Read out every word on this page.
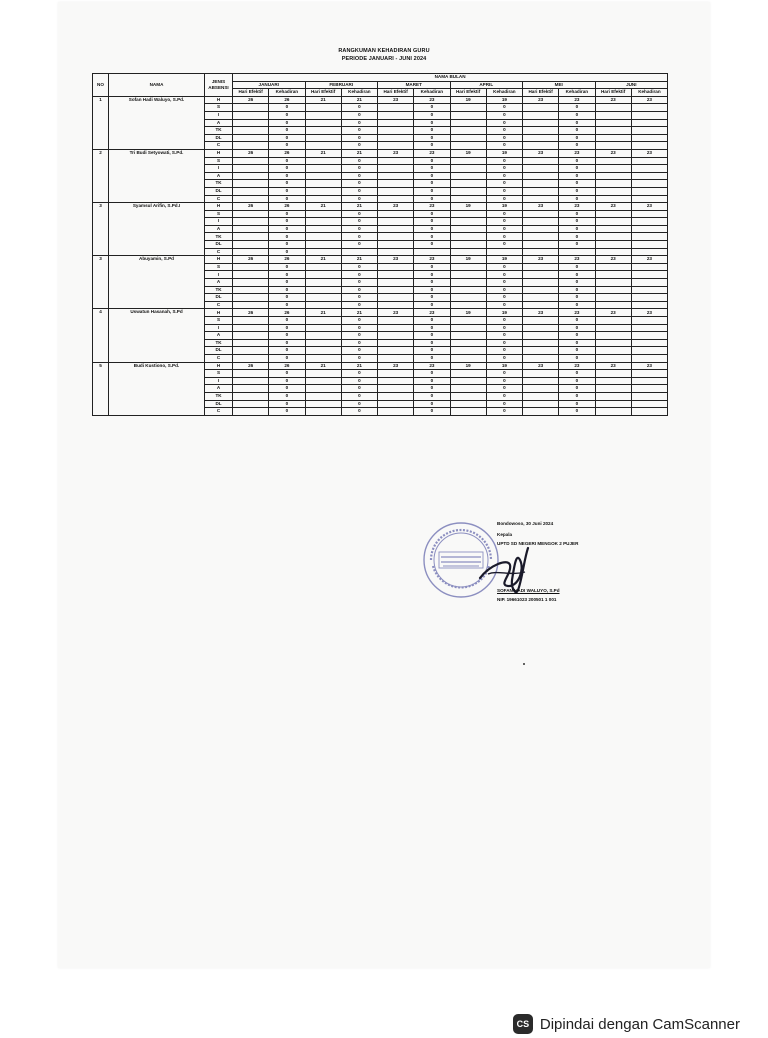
RANGKUMAN KEHADIRAN GURU
PERIODE JANUARI - JUNI 2024
NO	NAMA	JENIS ABSENSI	NAMA BULAN											
			JANUARI		FEBRUARI		MARET		APRIL		MEI		JUNI	
			Hari Efektif	Kehadiran	Hari Efektif	Kehadiran	Hari Efektif	Kehadiran	Hari Efektif	Kehadiran	Hari Efektif	Kehadiran	Hari Efektif	Kehadiran
1	Sofan Hadi Waluyo, S.Pd.	H	26	26	21	21	23	23	19	19	23	23	23	23
		S		0		0		0		0		0		
		I		0		0		0		0		0		
		A		0		0		0		0		0		
		TK		0		0		0		0		0		
		DL		0		0		0		0		0		
		C		0		0		0		0		0		
2	Tri Budi Setyowati, S.Pd.	H	26	26	21	21	23	23	19	19	23	23	23	23
		S		0		0		0		0		0		
		I		0		0		0		0		0		
		A		0		0		0		0		0		
		TK		0		0		0		0		0		
		DL		0		0		0		0		0		
		C		0		0		0		0		0		
3	Syamsul Arifin, S.Pd.I	H	26	26	21	21	23	23	19	19	23	23	23	23
		S		0		0		0		0		0		
		I		0		0		0		0		0		
		A		0		0		0		0		0		
		TK		0		0		0		0		0		
		DL		0		0		0		0		0		
		C		0										
3	Abuyamin, S.Pd	H	26	26	21	21	23	23	19	19	23	23	23	23
		S		0		0		0		0		0		
		I		0		0		0		0		0		
		A		0		0		0		0		0		
		TK		0		0		0		0		0		
		DL		0		0		0		0		0		
		C		0		0		0		0		0		
4	Uswatun Hasanah, S.Pd	H	26	26	21	21	23	23	19	19	23	23	23	23
		S		0		0		0		0		0		
		I		0		0		0		0		0		
		A		0		0		0		0		0		
		TK		0		0		0		0		0		
		DL		0		0		0		0		0		
		C		0		0		0		0		0		
5	Budi Kustiono, S.Pd.	H	26	26	21	21	23	23	19	19	23	23	23	23
		S		0		0		0		0		0		
		I		0		0		0		0		0		
		A		0		0		0		0		0		
		TK		0		0		0		0		0		
		DL		0		0		0		0		0		
		C		0		0		0		0		0		
Bondowoso, 30 Juni 2024
Kepala
UPTD SD NEGERI MENGOK 2 PUJER
SOFAN HADI WALUYO, S.Pd
NIP. 19661023 200501 1 001
CS Dipindai dengan CamScanner
